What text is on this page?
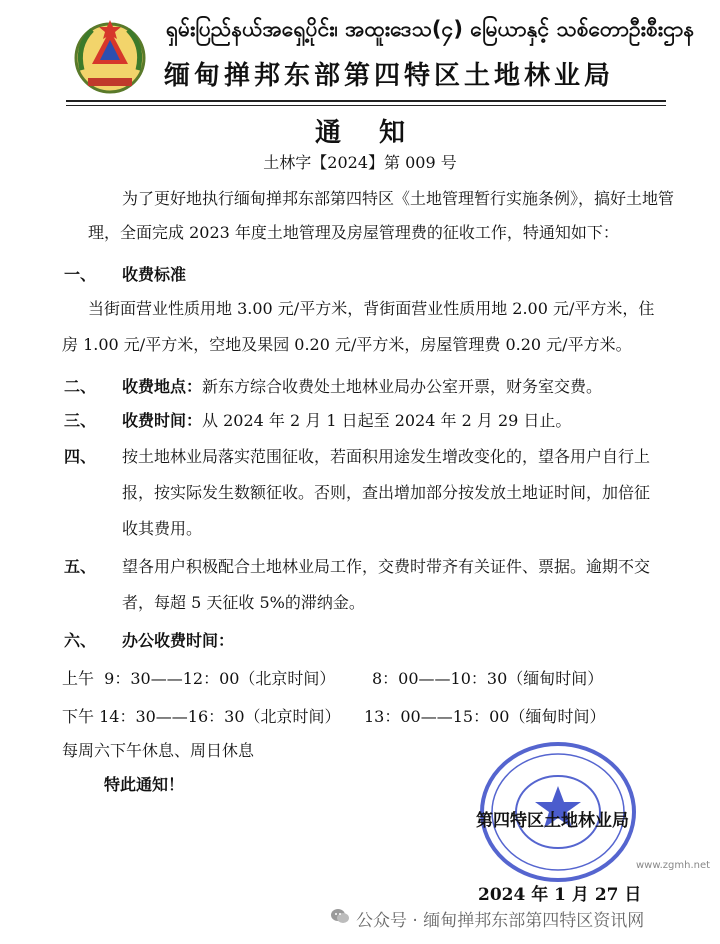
ရှမ်းပြည်နယ်အရှေ့ပိုင်း၊ အထူးဒေသ(၄) မြေယာနှင့် သစ်တောဦးစီးဌာန
缅甸掸邦东部第四特区土地林业局
通知
土林字【2024】第 009 号
为了更好地执行缅甸掸邦东部第四特区《土地管理暂行实施条例》，搞好土地管
理，全面完成 2023 年度土地管理及房屋管理费的征收工作，特通知如下：
一、 收费标准
当街面营业性质用地 3.00 元/平方米，背街面营业性质用地 2.00 元/平方米，住
房 1.00 元/平方米，空地及果园 0.20 元/平方米，房屋管理费 0.20 元/平方米。
二、 收费地点：新东方综合收费处土地林业局办公室开票，财务室交费。
三、 收费时间：从 2024 年 2 月 1 日起至 2024 年 2 月 29 日止。
四、 按土地林业局落实范围征收，若面积用途发生增改变化的，望各用户自行上
报，按实际发生数额征收。否则，查出增加部分按发放土地证时间，加倍征
收其费用。
五、 望各用户积极配合土地林业局工作，交费时带齐有关证件、票据。逾期不交
者，每超 5 天征收 5%的滞纳金。
六、 办公收费时间：
上午  9：30——12：00（北京时间） 8：00——10：30（缅甸时间）
下午 14：30——16：30（北京时间） 13：00——15：00（缅甸时间）
每周六下午休息、周日休息
特此通知！
第四特区土地林业局
www.zgmh.net
2024 年 1 月 27 日
公众号 · 缅甸掸邦东部第四特区资讯网
